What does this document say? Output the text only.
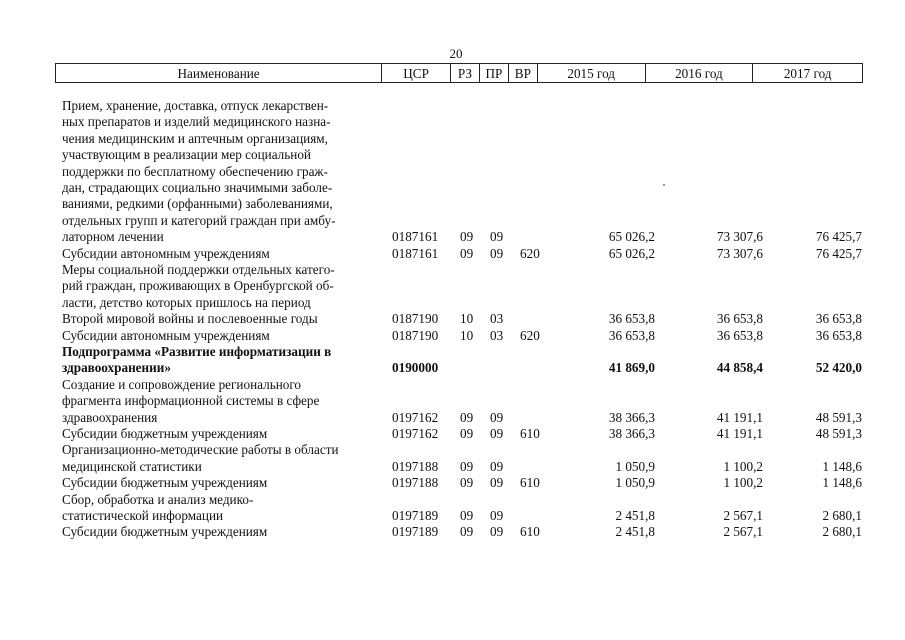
20
Наименование	ЦСР	РЗ	ПР ВР	2015 год	2016 год	2017 год
Прием, хранение, доставка, отпуск лекарствен-
ных препаратов и изделий медицинского назна-
чения медицинским и аптечным организациям,
участвующим в реализации мер социальной
поддержки по бесплатному обеспечению граж-
дан, страдающих социально значимыми заболе-
ваниями, редкими (орфанными) заболеваниями,
отдельных групп и категорий граждан при амбу-
латорном лечении	0187161 09 09	65 026,2	73 307,6	76 425,7
Субсидии автономным учреждениям	0187161 09 09 620	65 026,2	73 307,6	76 425,7
Меры социальной поддержки отдельных катего-
рий граждан, проживающих в Оренбургской об-
ласти, детство которых пришлось на период
Второй мировой войны и послевоенные годы	0187190 10 03	36 653,8	36 653,8	36 653,8
Субсидии автономным учреждениям	0187190 10 03 620	36 653,8	36 653,8	36 653,8
Подпрограмма «Развитие информатизации в
здравоохранении»	0190000	41 869,0	44 858,4	52 420,0
Создание и сопровождение регионального
фрагмента информационной системы в сфере
здравоохранения	0197162 09 09	38 366,3	41 191,1	48 591,3
Субсидии бюджетным учреждениям	0197162 09 09 610	38 366,3	41 191,1	48 591,3
Организационно-методические работы в области
медицинской статистики	0197188 09 09	1 050,9	1 100,2	1 148,6
Субсидии бюджетным учреждениям	0197188 09 09 610	1 050,9	1 100,2	1 148,6
Сбор, обработка и анализ медико-
статистической информации	0197189 09 09	2 451,8	2 567,1	2 680,1
Субсидии бюджетным учреждениям	0197189 09 09 610	2 451,8	2 567,1	2 680,1
